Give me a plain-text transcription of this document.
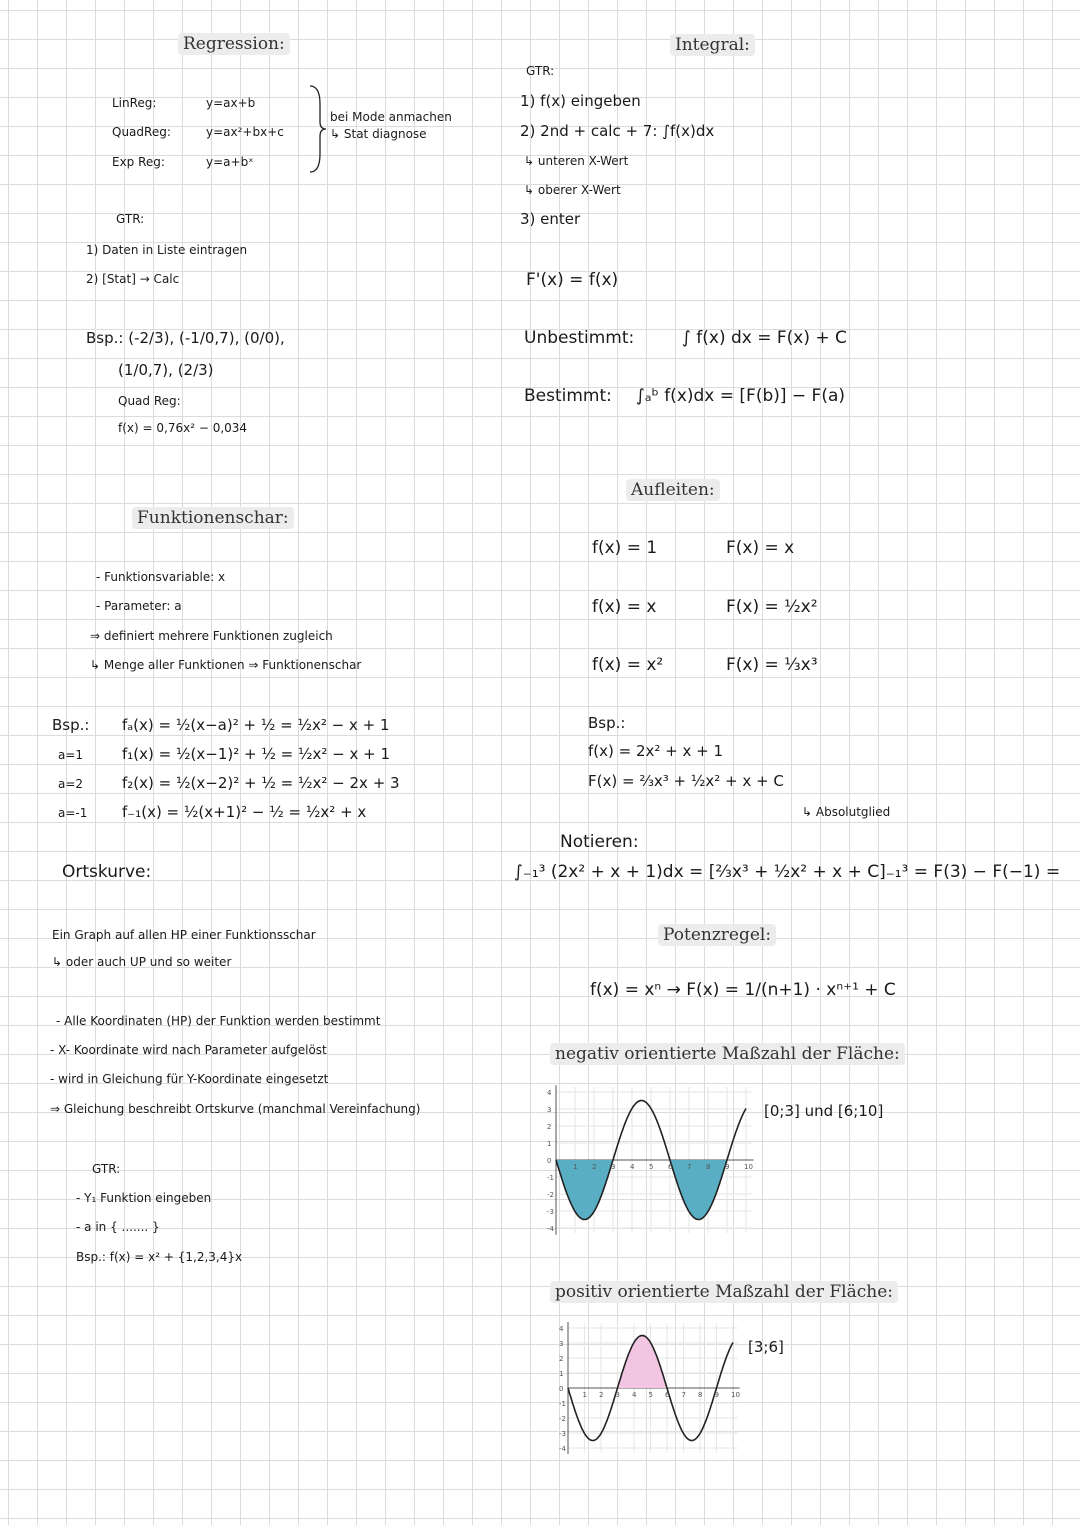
Regression:
LinReg:	y=ax+b
QuadReg:	y=ax²+bx+c
Exp Reg:	y=a+bˣ
bei Mode anmachen
↳ Stat diagnose
GTR:
1) Daten in Liste eintragen
2) [Stat] → Calc
Bsp.: (-2/3), (-1/0,7), (0/0),
(1/0,7), (2/3)
Quad Reg:
f(x) = 0,76x² − 0,034
Funktionenschar:
- Funktionsvariable: x
- Parameter: a
⇒ definiert mehrere Funktionen zugleich
↳ Menge aller Funktionen ⇒ Funktionenschar
Bsp.: fₐ(x) = ½(x−a)² + ½ = ½x² − x + 1
a=1	f₁(x) = ½(x−1)² + ½ = ½x² − x + 1
a=2	f₂(x) = ½(x−2)² + ½ = ½x² − 2x + 3
a=-1 f₋₁(x) = ½(x+1)² − ½ = ½x² + x
Ortskurve:
Ein Graph auf allen HP einer Funktionsschar
↳ oder auch UP und so weiter
- Alle Koordinaten (HP) der Funktion werden bestimmt
- X- Koordinate wird nach Parameter aufgelöst
- wird in Gleichung für Y-Koordinate eingesetzt
⇒ Gleichung beschreibt Ortskurve (manchmal Vereinfachung)
GTR:
- Y₁ Funktion eingeben
- a in { ....... }
Bsp.: f(x) = x² + {1,2,3,4}x
Integral:
GTR:
1) f(x) eingeben
2) 2nd + calc + 7: ∫f(x)dx
↳ unteren X-Wert
↳ oberer X-Wert
3) enter
F'(x) = f(x)
Unbestimmt:	∫ f(x) dx = F(x) + C
Bestimmt: ∫ₐᵇ f(x)dx = [F(b)] − F(a)
Aufleiten:
f(x) = 1	F(x) = x
f(x) = x	F(x) = ½x²
f(x) = x²	F(x) = ⅓x³
Bsp.:
f(x) = 2x² + x + 1
F(x) = ⅔x³ + ½x² + x + C
↳ Absolutglied
Notieren:
∫₋₁³ (2x² + x + 1)dx = [⅔x³ + ½x² + x + C]₋₁³ = F(3) − F(−1) =
Potenzregel:
f(x) = xⁿ → F(x) = 1/(n+1) · xⁿ⁺¹ + C
negativ orientierte Maßzahl der Fläche:
[0;3] und [6;10]
1 2 3 4 5 6 7 8 9 10
4
3
2
1
0
-1
-2
-3
-4
positiv orientierte Maßzahl der Fläche:
[3;6]
1 2 3 4 5 6 7 8 9 10
4
3
2
1
0
-1
-2
-3
-4
